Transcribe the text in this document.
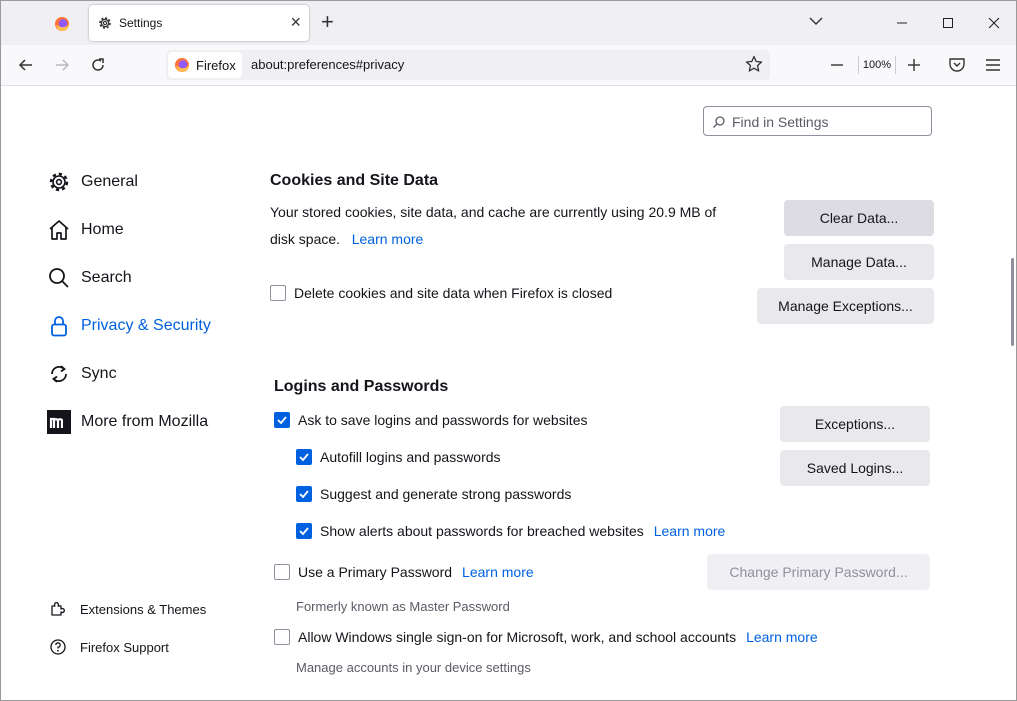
Settings	× +
Firefox about:preferences#privacy	100%
Find in Settings
General
Home
Search
Privacy & Security
Sync
More from Mozilla
Extensions & Themes
Firefox Support
Cookies and Site Data
Your stored cookies, site data, and cache are currently using 20.9 MB of
disk space. Learn more
Delete cookies and site data when Firefox is closed
Clear Data...
Manage Data...
Manage Exceptions...
Logins and Passwords
Ask to save logins and passwords for websites
Autofill logins and passwords
Suggest and generate strong passwords
Show alerts about passwords for breached websites Learn more
Use a Primary Password Learn more
Formerly known as Master Password
Allow Windows single sign-on for Microsoft, work, and school accounts Learn more
Manage accounts in your device settings
Exceptions...
Saved Logins...
Change Primary Password...
